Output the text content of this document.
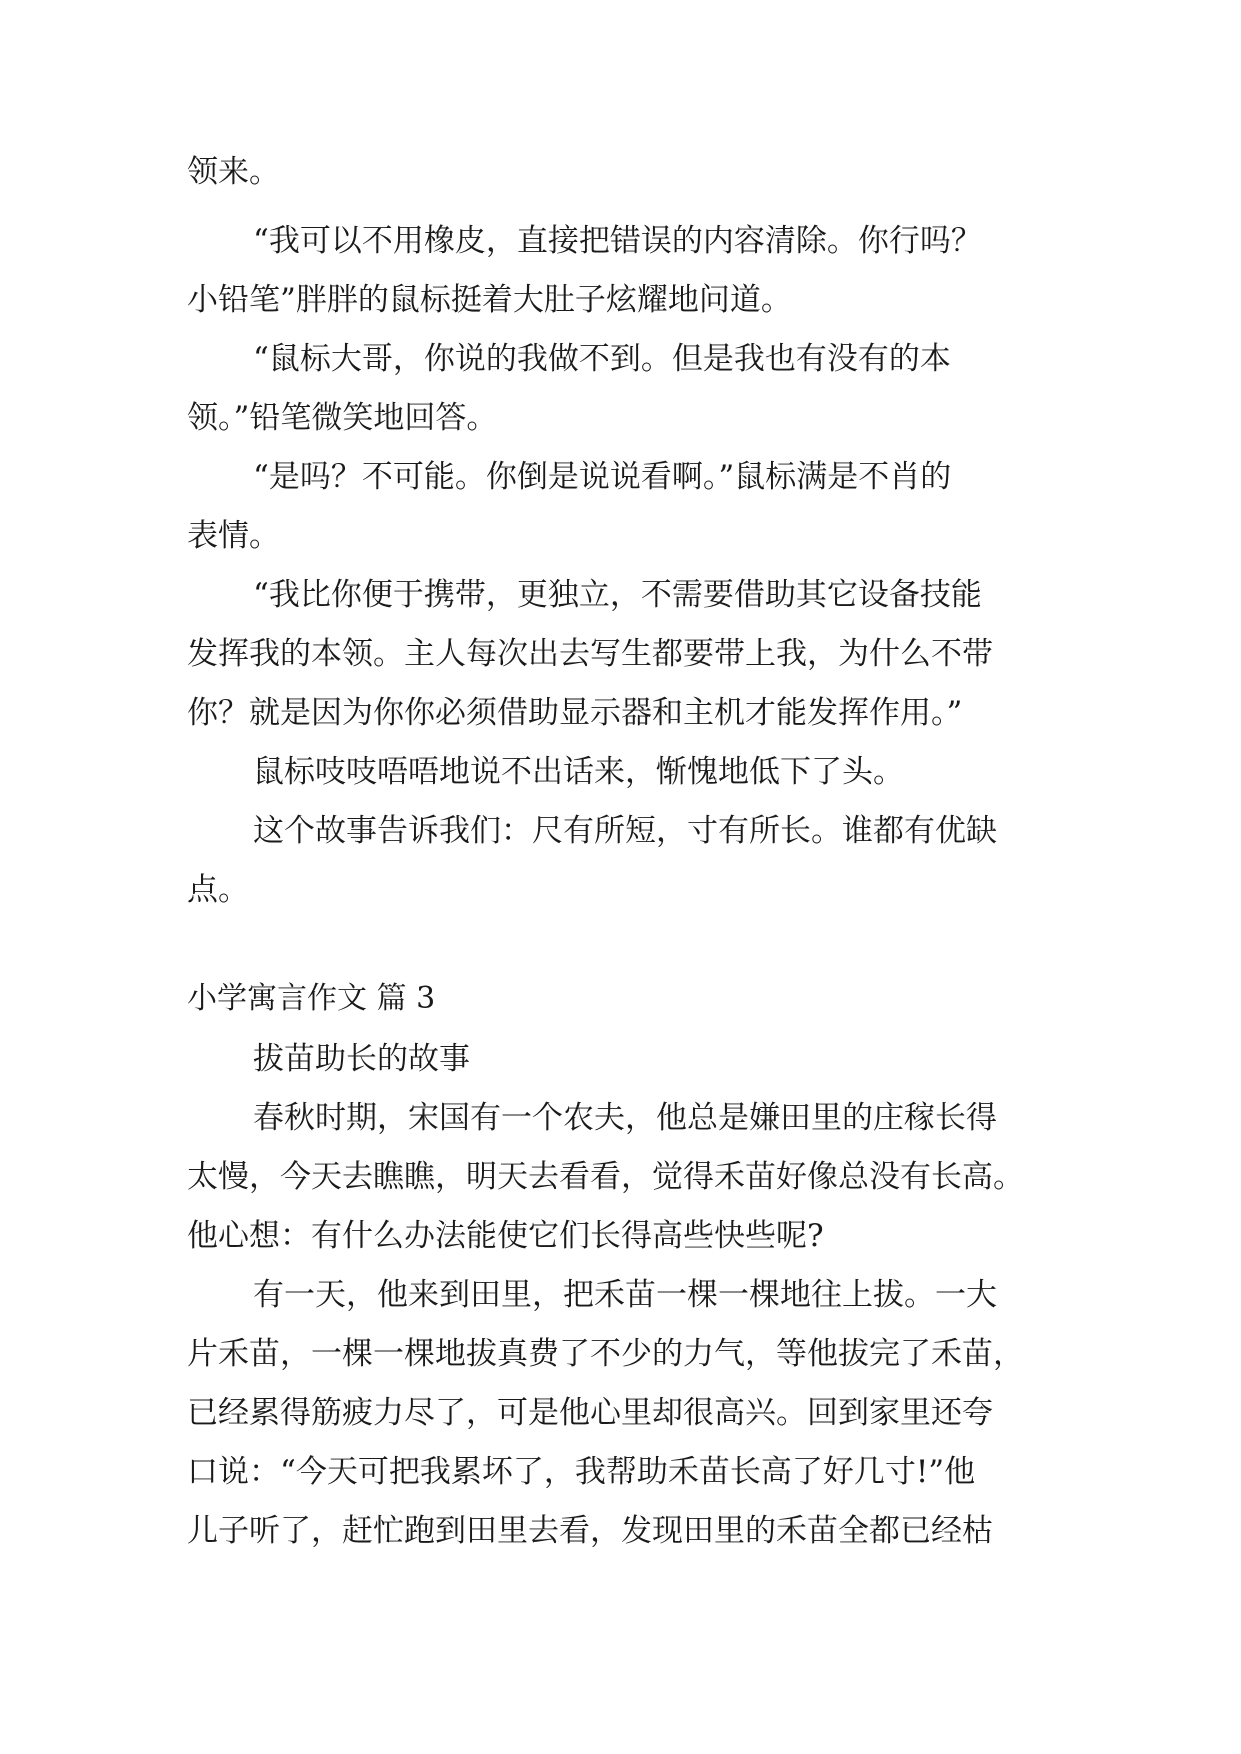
领来。

“我可以不用橡皮，直接把错误的内容清除。你行吗？

小铅笔”胖胖的鼠标挺着大肚子炫耀地问道。

“鼠标大哥，你说的我做不到。但是我也有没有的本

领。”铅笔微笑地回答。

“是吗？不可能。你倒是说说看啊。”鼠标满是不肖的

表情。

“我比你便于携带，更独立，不需要借助其它设备技能

发挥我的本领。主人每次出去写生都要带上我，为什么不带

你？就是因为你你必须借助显示器和主机才能发挥作用。”

鼠标吱吱唔唔地说不出话来，惭愧地低下了头。

这个故事告诉我们：尺有所短，寸有所长。谁都有优缺

点。

小学寓言作文 篇 3

拔苗助长的故事

春秋时期，宋国有一个农夫，他总是嫌田里的庄稼长得

太慢，今天去瞧瞧，明天去看看，觉得禾苗好像总没有长高。

他心想：有什么办法能使它们长得高些快些呢?

有一天，他来到田里，把禾苗一棵一棵地往上拔。一大

片禾苗，一棵一棵地拔真费了不少的力气，等他拔完了禾苗，

已经累得筋疲力尽了，可是他心里却很高兴。回到家里还夸

口说：“今天可把我累坏了，我帮助禾苗长高了好几寸!”他

儿子听了，赶忙跑到田里去看，发现田里的禾苗全都已经枯
